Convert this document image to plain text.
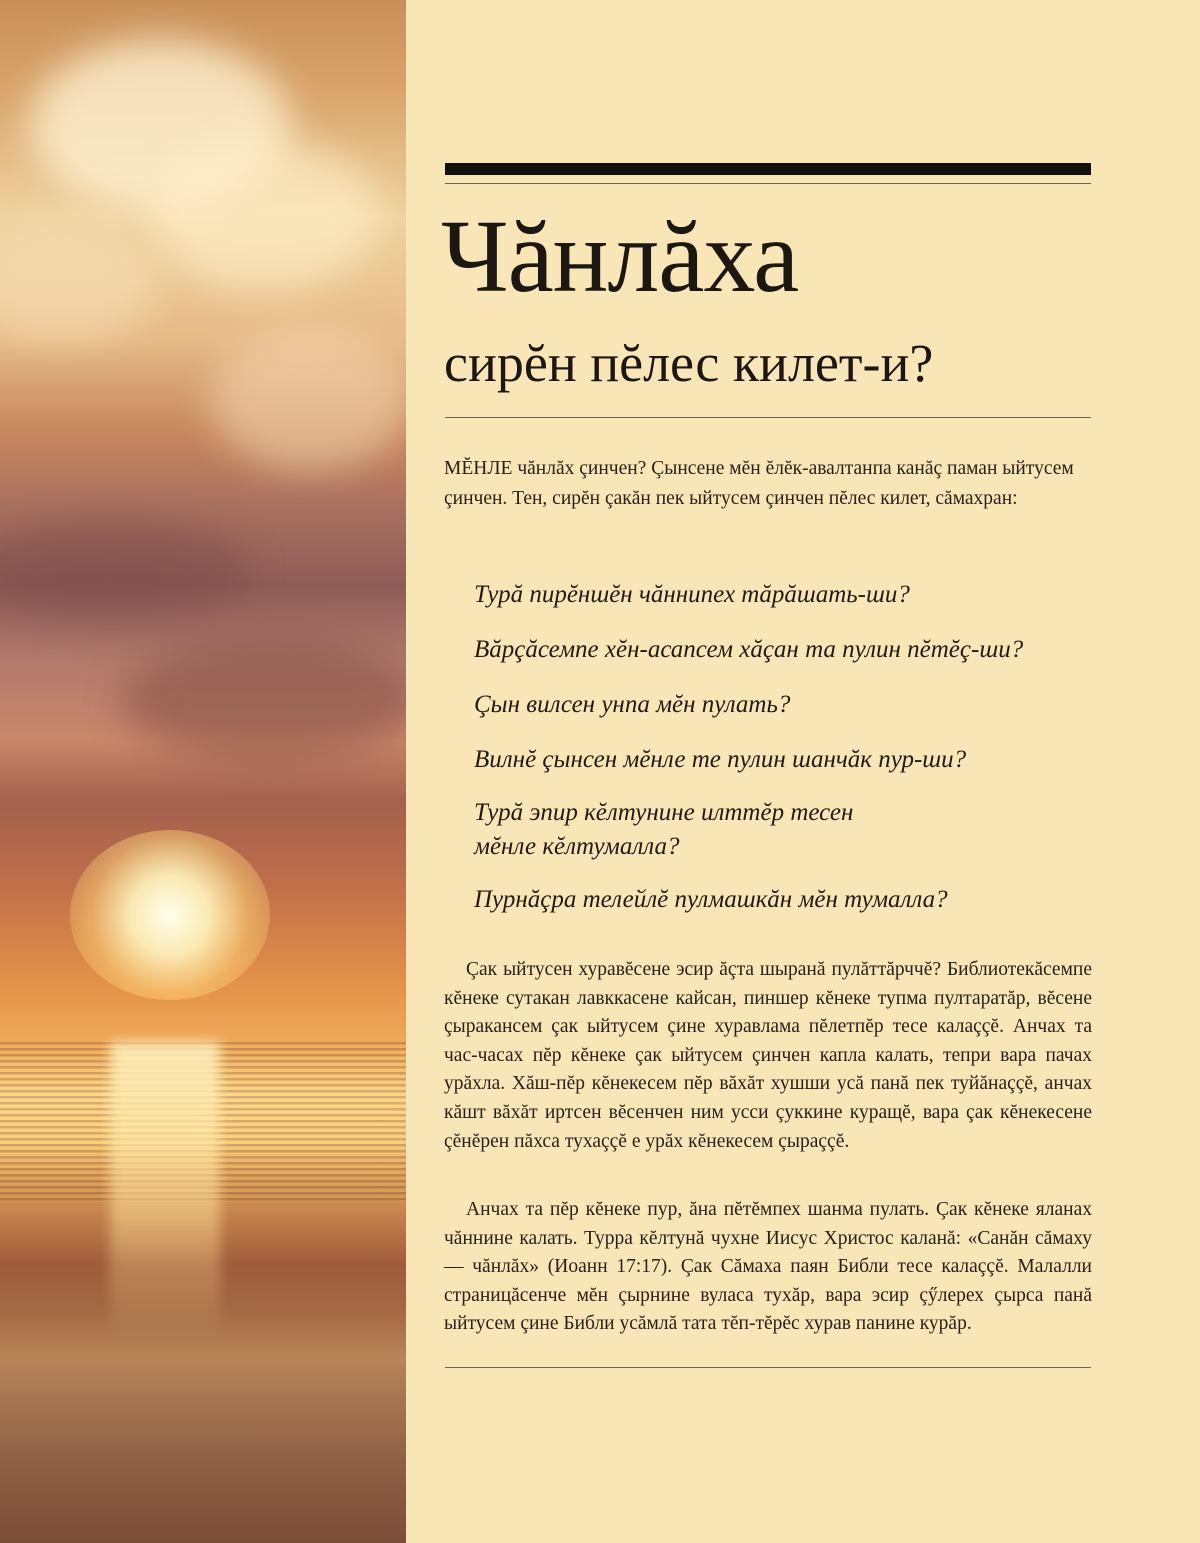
Чăнлăха
сирĕн пĕлес килет-и?

МĔНЛЕ чăнлăх çинчен? Çынсене мĕн ĕлĕк-авалтанпа канăç паман ыйтусем çинчен. Тен, сирĕн çакăн пек ыйтусем çинчен пĕлес килет, сăмахран:

Турă пирĕншĕн чăннипех тăрăшать-ши?

Вăрçăсемпе хĕн-асапсем хăçан та пулин пĕтĕç-ши?

Çын вилсен унпа мĕн пулать?

Вилнĕ çынсен мĕнле те пулин шанчăк пур-ши?

Турă эпир кĕлтунине илттĕр тесен
мĕнле кĕлтумалла?

Пурнăçра телейлĕ пулмашкăн мĕн тумалла?

Çак ыйтусен хуравĕсене эсир ăçта шыранă пулăттăрччĕ? Библиотекăсемпе кĕнеке сутакан лавккасене кайсан, пиншер кĕнеке тупма пултаратăр, вĕсене çыракансем çак ыйтусем çине хуравлама пĕлетпĕр тесе калаççĕ. Анчах та час-часах пĕр кĕнеке çак ыйтусем çинчен капла калать, тепри вара пачах урăхла. Хăш-пĕр кĕнекесем пĕр вăхăт хушши усă панă пек туйăнаççĕ, анчах кăшт вăхăт иртсен вĕсенчен ним усси çуккине куращĕ, вара çак кĕнекесене çĕнĕрен пăхса тухаççĕ е урăх кĕнекесем çыраççĕ.

Анчах та пĕр кĕнеке пур, ăна пĕтĕмпех шанма пулать. Çак кĕнеке яланах чăннине калать. Турра кĕлтунă чухне Иисус Христос каланă: «Санăн сăмаху — чăнлăх» (Иоанн 17:17). Çак Сăмаха паян Библи тесе калаççĕ. Малалли страницăсенче мĕн çырнине вуласа тухăр, вара эсир çӳлерех çырса панă ыйтусем çине Библи усăмлă тата тĕп-тĕрĕс хурав панине курăр.
